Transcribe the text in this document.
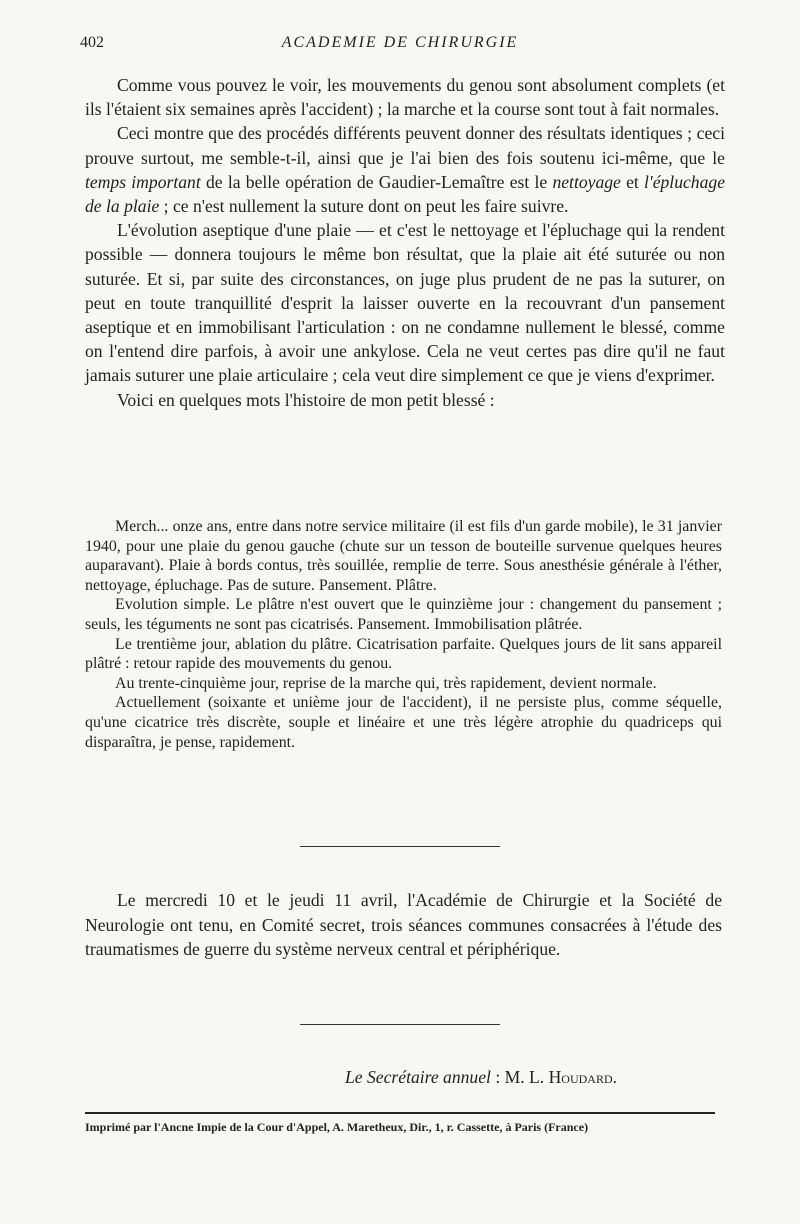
402	ACADEMIE DE CHIRURGIE

Comme vous pouvez le voir, les mouvements du genou sont absolument complets (et ils l'étaient six semaines après l'accident) ; la marche et la course sont tout à fait normales.

Ceci montre que des procédés différents peuvent donner des résultats identiques ; ceci prouve surtout, me semble-t-il, ainsi que je l'ai bien des fois soutenu ici-même, que le temps important de la belle opération de Gaudier-Lemaître est le nettoyage et l'épluchage de la plaie ; ce n'est nullement la suture dont on peut les faire suivre.

L'évolution aseptique d'une plaie — et c'est le nettoyage et l'épluchage qui la rendent possible — donnera toujours le même bon résultat, que la plaie ait été suturée ou non suturée. Et si, par suite des circonstances, on juge plus prudent de ne pas la suturer, on peut en toute tranquillité d'esprit la laisser ouverte en la recouvrant d'un pansement aseptique et en immobilisant l'articulation : on ne condamne nullement le blessé, comme on l'entend dire parfois, à avoir une ankylose. Cela ne veut certes pas dire qu'il ne faut jamais suturer une plaie articulaire ; cela veut dire simplement ce que je viens d'exprimer.

Voici en quelques mots l'histoire de mon petit blessé :

Merch... onze ans, entre dans notre service militaire (il est fils d'un garde mobile), le 31 janvier 1940, pour une plaie du genou gauche (chute sur un tesson de bouteille survenue quelques heures auparavant). Plaie à bords contus, très souillée, remplie de terre. Sous anesthésie générale à l'éther, nettoyage, épluchage. Pas de suture. Pansement. Plâtre.

Evolution simple. Le plâtre n'est ouvert que le quinzième jour : changement du pansement ; seuls, les téguments ne sont pas cicatrisés. Pansement. Immobilisation plâtrée.

Le trentième jour, ablation du plâtre. Cicatrisation parfaite. Quelques jours de lit sans appareil plâtré : retour rapide des mouvements du genou.

Au trente-cinquième jour, reprise de la marche qui, très rapidement, devient normale.

Actuellement (soixante et unième jour de l'accident), il ne persiste plus, comme séquelle, qu'une cicatrice très discrète, souple et linéaire et une très légère atrophie du quadriceps qui disparaîtra, je pense, rapidement.

Le mercredi 10 et le jeudi 11 avril, l'Académie de Chirurgie et la Société de Neurologie ont tenu, en Comité secret, trois séances communes consacrées à l'étude des traumatismes de guerre du système nerveux central et périphérique.

Le Secrétaire annuel : M. L. Houdard.
Imprimé par l'Ancne Impie de la Cour d'Appel, A. Maretheux, Dir., 1, r. Cassette, à Paris (France)
